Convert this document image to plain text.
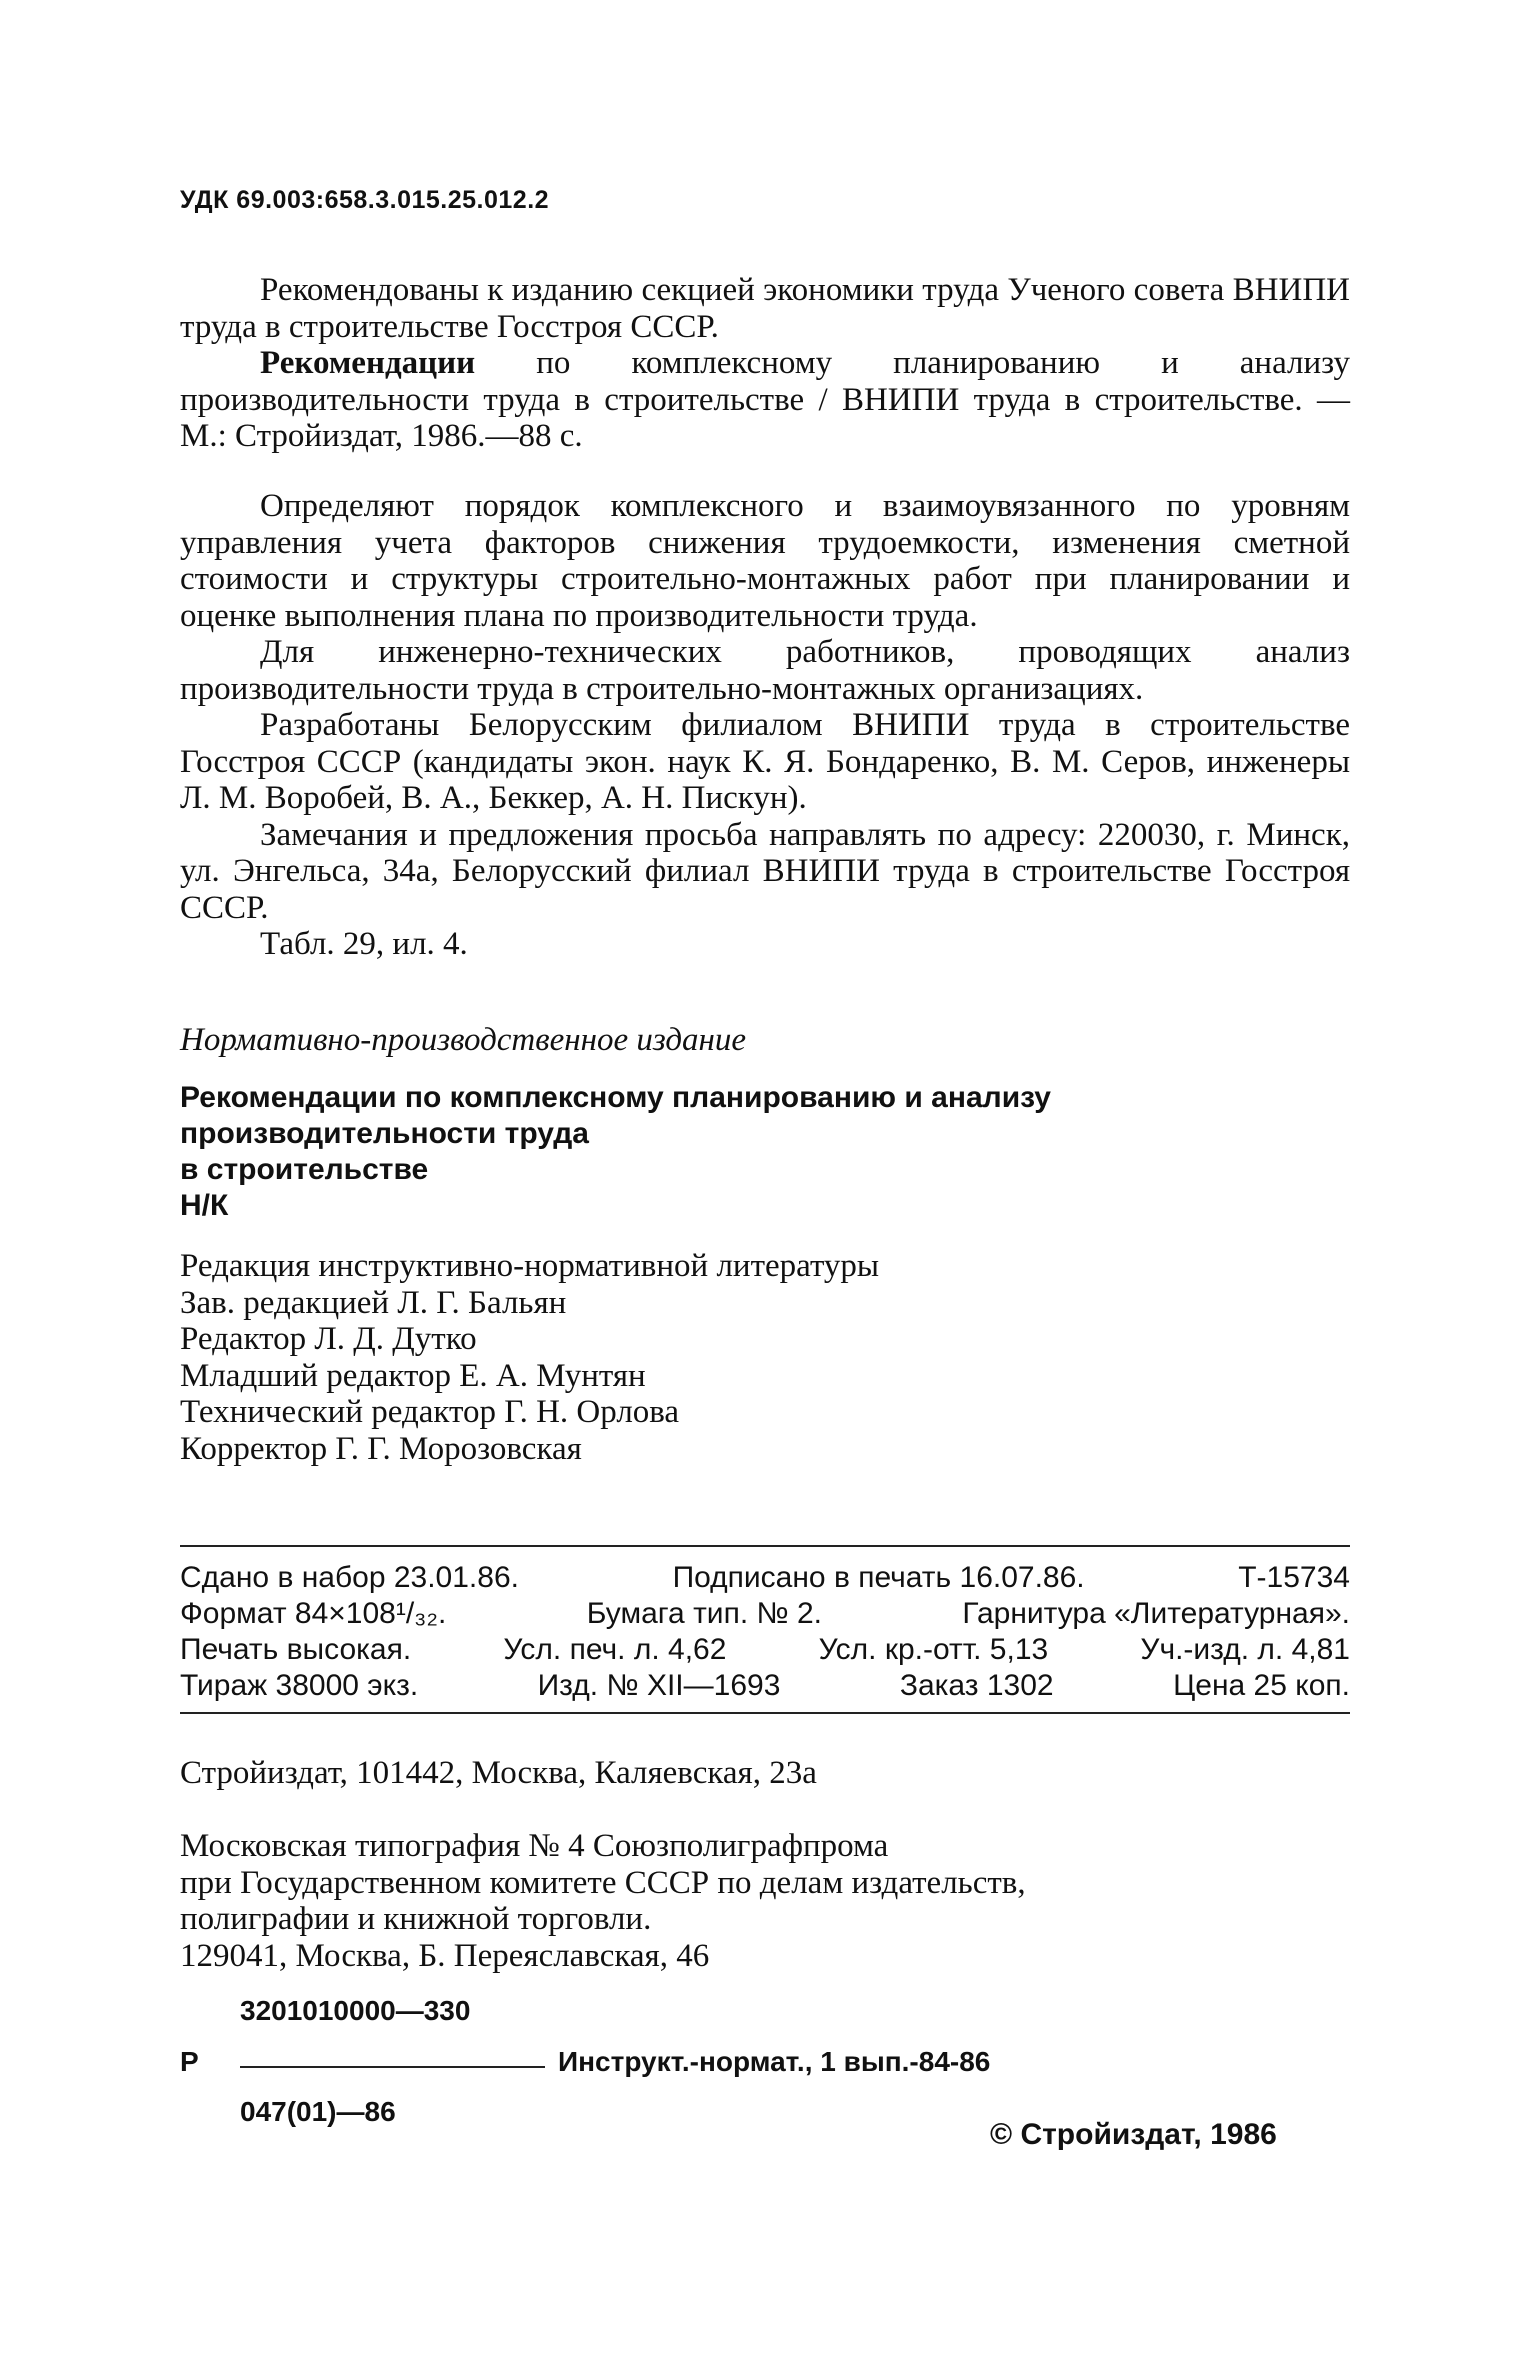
УДК 69.003:658.3.015.25.012.2

Рекомендованы к изданию секцией экономики труда Ученого совета ВНИПИ труда в строительстве Госстроя СССР.

Рекомендации по комплексному планированию и анализу производительности труда в строительстве / ВНИПИ труда в строительстве. — М.: Стройиздат, 1986.—88 с.

Определяют порядок комплексного и взаимоувязанного по уровням управления учета факторов снижения трудоемкости, изменения сметной стоимости и структуры строительно-монтажных работ при планировании и оценке выполнения плана по производительности труда.

Для инженерно-технических работников, проводящих анализ производительности труда в строительно-монтажных организациях.

Разработаны Белорусским филиалом ВНИПИ труда в строительстве Госстроя СССР (кандидаты экон. наук К. Я. Бондаренко, В. М. Серов, инженеры Л. М. Воробей, В. А., Беккер, А. Н. Пискун).

Замечания и предложения просьба направлять по адресу: 220030, г. Минск, ул. Энгельса, 34а, Белорусский филиал ВНИПИ труда в строительстве Госстроя СССР.

Табл. 29, ил. 4.

Нормативно-производственное издание
Рекомендации по комплексному планированию и анализу
производительности труда
в строительстве
Н/К
Редакция инструктивно-нормативной литературы
Зав. редакцией Л. Г. Бальян
Редактор Л. Д. Дутко
Младший редактор Е. А. Мунтян
Технический редактор Г. Н. Орлова
Корректор Г. Г. Морозовская
Сдано в набор 23.01.86.	Подписано в печать 16.07.86.	Т-15734
Формат 84×108¹/₃₂.	Бумага тип. № 2.	Гарнитура «Литературная».
Печать высокая.	Усл. печ. л. 4,62	Усл. кр.-отт. 5,13	Уч.-изд. л. 4,81
Тираж 38000 экз.	Изд. № XII—1693	Заказ 1302	Цена 25 коп.
Стройиздат, 101442, Москва, Каляевская, 23а
Московская типография № 4 Союзполиграфпрома
при Государственном комитете СССР по делам издательств,
полиграфии и книжной торговли.
129041, Москва, Б. Переяславская, 46
3201010000—330
Р	Инструкт.-нормат., 1 вып.-84-86
047(01)—86
© Стройиздат, 1986
